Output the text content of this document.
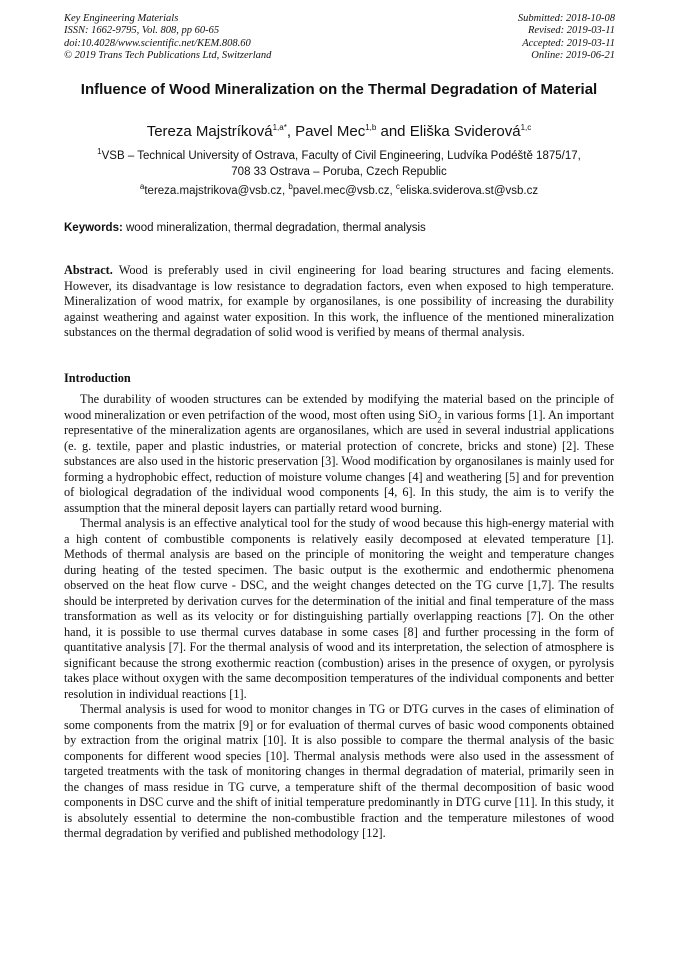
Key Engineering Materials
ISSN: 1662-9795, Vol. 808, pp 60-65
doi:10.4028/www.scientific.net/KEM.808.60
© 2019 Trans Tech Publications Ltd, Switzerland
Submitted: 2018-10-08
Revised: 2019-03-11
Accepted: 2019-03-11
Online: 2019-06-21
Influence of Wood Mineralization on the Thermal Degradation of Material
Tereza Majstríková$^{1,a*}$, Pavel Mec$^{1,b}$ and Eliška Sviderová$^{1,c}$
$^1$VSB – Technical University of Ostrava, Faculty of Civil Engineering, Ludvíka Podéště 1875/17,
708 33 Ostrava – Poruba, Czech Republic
$^a$tereza.majstrikova@vsb.cz, $^b$pavel.mec@vsb.cz, $^c$eliska.sviderova.st@vsb.cz
Keywords: wood mineralization, thermal degradation, thermal analysis

Abstract. Wood is preferably used in civil engineering for load bearing structures and facing elements. However, its disadvantage is low resistance to degradation factors, even when exposed to high temperature. Mineralization of wood matrix, for example by organosilanes, is one possibility of increasing the durability against weathering and against water exposition. In this work, the influence of the mentioned mineralization substances on the thermal degradation of solid wood is verified by means of thermal analysis.

Introduction

The durability of wooden structures can be extended by modifying the material based on the principle of wood mineralization or even petrifaction of the wood, most often using SiO$_2$ in various forms [1]. An important representative of the mineralization agents are organosilanes, which are used in several industrial applications (e. g. textile, paper and plastic industries, or material protection of concrete, bricks and stone) [2]. These substances are also used in the historic preservation [3]. Wood modification by organosilanes is mainly used for forming a hydrophobic effect, reduction of moisture volume changes [4] and weathering [5] and for prevention of biological degradation of the individual wood components [4, 6]. In this study, the aim is to verify the assumption that the mineral deposit layers can partially retard wood burning.

Thermal analysis is an effective analytical tool for the study of wood because this high-energy material with a high content of combustible components is relatively easily decomposed at elevated temperature [1]. Methods of thermal analysis are based on the principle of monitoring the weight and temperature changes during heating of the tested specimen. The basic output is the exothermic and endothermic phenomena observed on the heat flow curve - DSC, and the weight changes detected on the TG curve [1,7]. The results should be interpreted by derivation curves for the determination of the initial and final temperature of the mass transformation as well as its velocity or for distinguishing partially overlapping reactions [7]. On the other hand, it is possible to use thermal curves database in some cases [8] and further processing in the form of quantitative analysis [7]. For the thermal analysis of wood and its interpretation, the selection of atmosphere is significant because the strong exothermic reaction (combustion) arises in the presence of oxygen, or pyrolysis takes place without oxygen with the same decomposition temperatures of the individual components and better resolution in individual reactions [1].

Thermal analysis is used for wood to monitor changes in TG or DTG curves in the cases of elimination of some components from the matrix [9] or for evaluation of thermal curves of basic wood components obtained by extraction from the original matrix [10]. It is also possible to compare the thermal analysis of the basic components for different wood species [10]. Thermal analysis methods were also used in the assessment of targeted treatments with the task of monitoring changes in thermal degradation of material, primarily seen in the changes of mass residue in TG curve, a temperature shift of the thermal decomposition of basic wood components in DSC curve and the shift of initial temperature predominantly in DTG curve [11]. In this study, it is absolutely essential to determine the non-combustible fraction and the temperature milestones of wood thermal degradation by verified and published methodology [12].
